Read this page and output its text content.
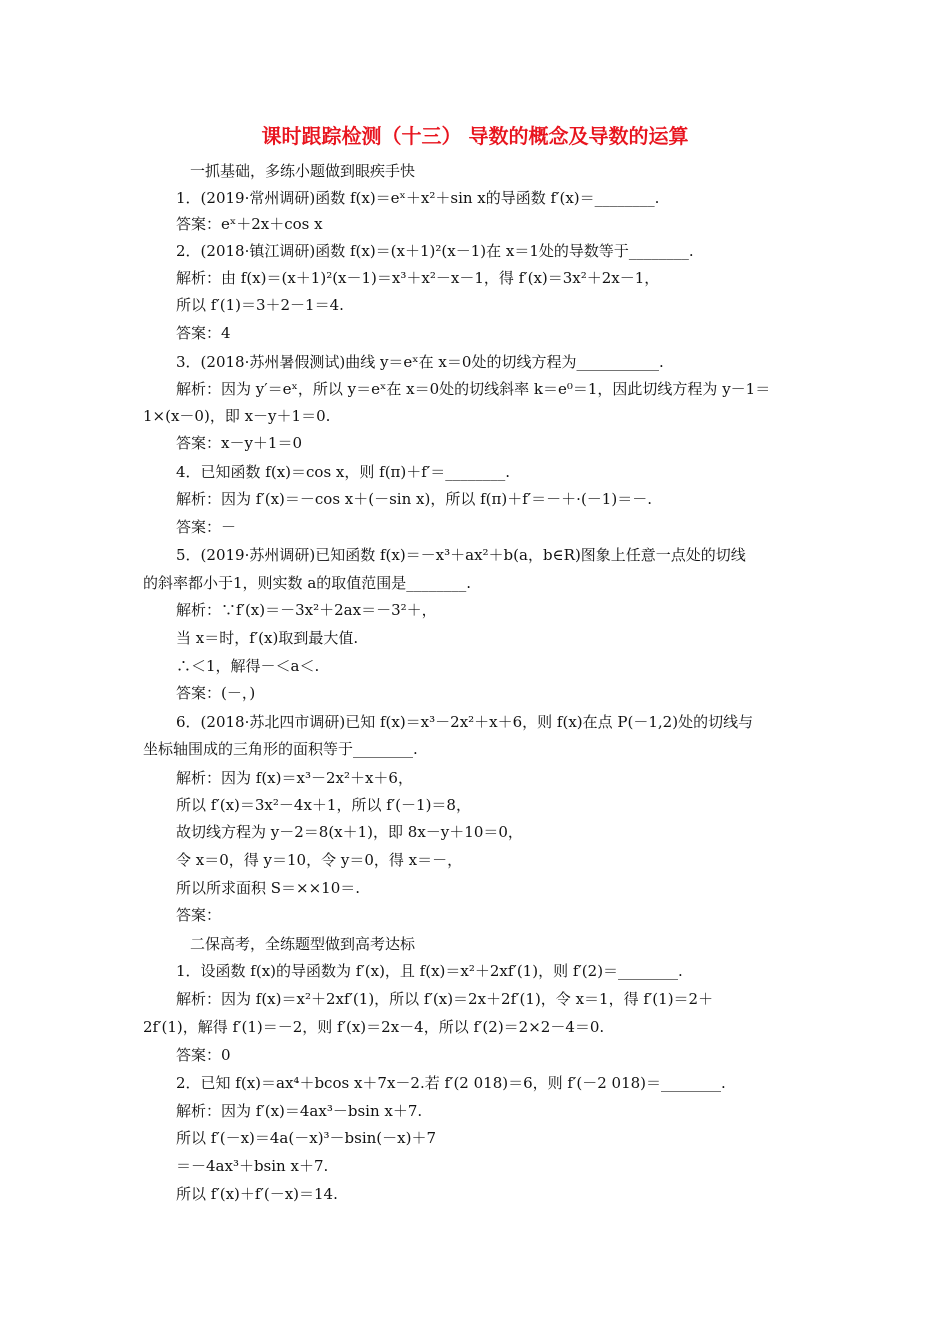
课时跟踪检测（十三） 导数的概念及导数的运算
一抓基础，多练小题做到眼疾手快
1．(2019·常州调研)函数 f(x)＝eˣ＋x²＋sin x的导函数 f′(x)＝________.
答案：eˣ＋2x＋cos x
2．(2018·镇江调研)函数 f(x)＝(x＋1)²(x－1)在 x＝1处的导数等于________.
解析：由 f(x)＝(x＋1)²(x－1)＝x³＋x²－x－1，得 f′(x)＝3x²＋2x－1，
所以 f′(1)＝3＋2－1＝4.
答案：4
3．(2018·苏州暑假测试)曲线 y＝eˣ在 x＝0处的切线方程为___________.
解析：因为 y′＝eˣ，所以 y＝eˣ在 x＝0处的切线斜率 k＝e⁰＝1，因此切线方程为 y－1＝
1×(x－0)，即 x－y＋1＝0.
答案：x－y＋1＝0
4．已知函数 f(x)＝cos x，则 f(π)＋f′＝________.
解析：因为 f′(x)＝－cos x＋(－sin x)，所以 f(π)＋f′＝－＋·(－1)＝－.
答案：－
5．(2019·苏州调研)已知函数 f(x)＝－x³＋ax²＋b(a，b∈R)图象上任意一点处的切线
的斜率都小于1，则实数 a的取值范围是________.
解析：∵f′(x)＝－3x²＋2ax＝－3²＋，
当 x＝时，f′(x)取到最大值.
∴＜1，解得－＜a＜.
答案：(－，)
6．(2018·苏北四市调研)已知 f(x)＝x³－2x²＋x＋6，则 f(x)在点 P(－1,2)处的切线与
坐标轴围成的三角形的面积等于________.
解析：因为 f(x)＝x³－2x²＋x＋6，
所以 f′(x)＝3x²－4x＋1，所以 f′(－1)＝8，
故切线方程为 y－2＝8(x＋1)，即 8x－y＋10＝0，
令 x＝0，得 y＝10，令 y＝0，得 x＝－，
所以所求面积 S＝××10＝.
答案：
二保高考，全练题型做到高考达标
1．设函数 f(x)的导函数为 f′(x)，且 f(x)＝x²＋2xf′(1)，则 f′(2)＝________.
解析：因为 f(x)＝x²＋2xf′(1)，所以 f′(x)＝2x＋2f′(1)，令 x＝1，得 f′(1)＝2＋
2f′(1)，解得 f′(1)＝－2，则 f′(x)＝2x－4，所以 f′(2)＝2×2－4＝0.
答案：0
2．已知 f(x)＝ax⁴＋bcos x＋7x－2.若 f′(2 018)＝6，则 f′(－2 018)＝________.
解析：因为 f′(x)＝4ax³－bsin x＋7.
所以 f′(－x)＝4a(－x)³－bsin(－x)＋7
＝－4ax³＋bsin x＋7.
所以 f′(x)＋f′(－x)＝14.
